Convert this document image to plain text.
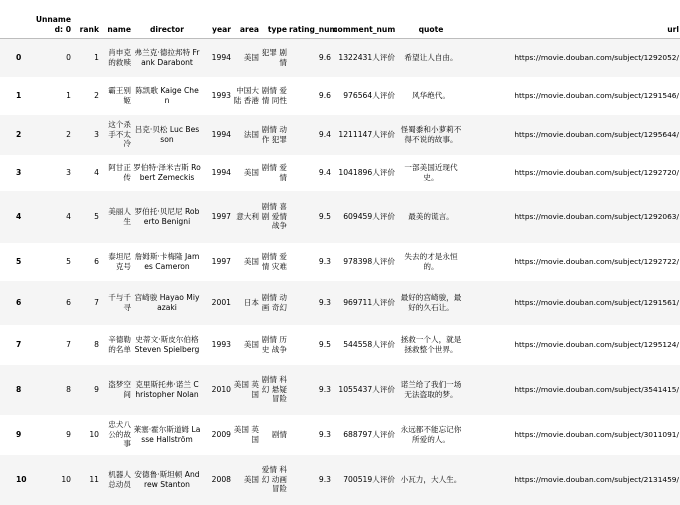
	Unnamed: 0	rank	name	director	year	area	type	rating_num	comment_num	quote	url
0	0	1	肖申克的救赎	弗兰克·德拉邦特 Frank Darabont	1994	美国	犯罪 剧情	9.6	1322431人评价	希望让人自由。	https://movie.douban.com/subject/1292052/
1	1	2	霸王别姬	陈凯歌 Kaige Chen	1993	中国大陆 香港	剧情 爱情 同性	9.6	976564人评价	风华绝代。	https://movie.douban.com/subject/1291546/
2	2	3	这个杀手不太冷	吕克·贝松 Luc Besson	1994	法国	剧情 动作 犯罪	9.4	1211147人评价	怪蜀黍和小萝莉不得不说的故事。	https://movie.douban.com/subject/1295644/
3	3	4	阿甘正传	罗伯特·泽米吉斯 Robert Zemeckis	1994	美国	剧情 爱情	9.4	1041896人评价	一部美国近现代史。	https://movie.douban.com/subject/1292720/
4	4	5	美丽人生	罗伯托·贝尼尼 Roberto Benigni	1997	意大利	剧情 喜剧 爱情 战争	9.5	609459人评价	最美的谎言。	https://movie.douban.com/subject/1292063/
5	5	6	泰坦尼克号	詹姆斯·卡梅隆 James Cameron	1997	美国	剧情 爱情 灾难	9.3	978398人评价	失去的才是永恒的。	https://movie.douban.com/subject/1292722/
6	6	7	千与千寻	宫崎骏 Hayao Miyazaki	2001	日本	剧情 动画 奇幻	9.3	969711人评价	最好的宫崎骏，最好的久石让。	https://movie.douban.com/subject/1291561/
7	7	8	辛德勒的名单	史蒂文·斯皮尔伯格 Steven Spielberg	1993	美国	剧情 历史 战争	9.5	544558人评价	拯救一个人，就是拯救整个世界。	https://movie.douban.com/subject/1295124/
8	8	9	盗梦空间	克里斯托弗·诺兰 Christopher Nolan	2010	美国 英国	剧情 科幻 悬疑 冒险	9.3	1055437人评价	诺兰给了我们一场无法盗取的梦。	https://movie.douban.com/subject/3541415/
9	9	10	忠犬八公的故事	莱塞·霍尔斯道姆 Lasse Hallström	2009	美国 英国	剧情	9.3	688797人评价	永远都不能忘记你所爱的人。	https://movie.douban.com/subject/3011091/
10	10	11	机器人总动员	安德鲁·斯坦顿 Andrew Stanton	2008	美国	爱情 科幻 动画 冒险	9.3	700519人评价	小瓦力，大人生。	https://movie.douban.com/subject/2131459/
